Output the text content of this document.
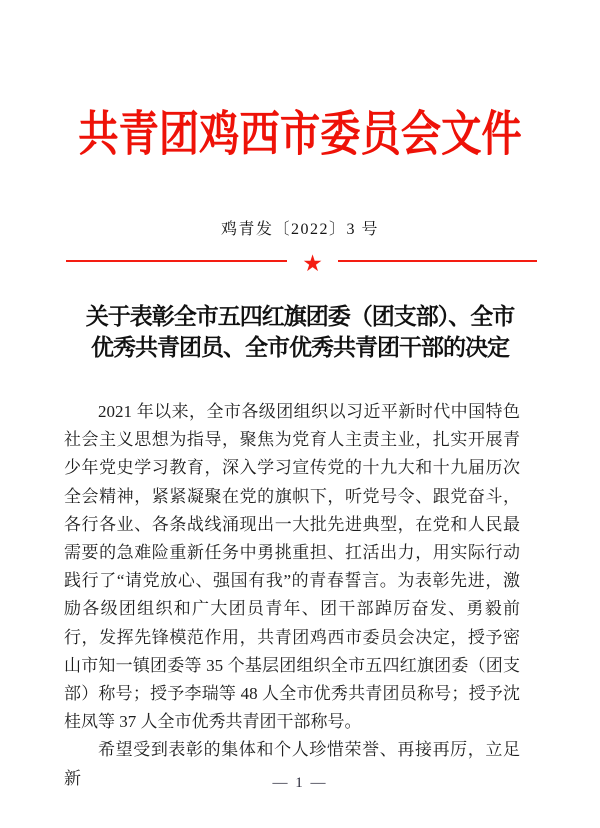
共青团鸡西市委员会文件
鸡青发〔2022〕3 号
★
关于表彰全市五四红旗团委（团支部）、全市
优秀共青团员、全市优秀共青团干部的决定

2021 年以来，全市各级团组织以习近平新时代中国特色社会主义思想为指导，聚焦为党育人主责主业，扎实开展青少年党史学习教育，深入学习宣传党的十九大和十九届历次全会精神，紧紧凝聚在党的旗帜下，听党号令、跟党奋斗，各行各业、各条战线涌现出一大批先进典型，在党和人民最需要的急难险重新任务中勇挑重担、扛活出力，用实际行动践行了“请党放心、强国有我”的青春誓言。为表彰先进，激励各级团组织和广大团员青年、团干部踔厉奋发、勇毅前行，发挥先锋模范作用，共青团鸡西市委员会决定，授予密山市知一镇团委等 35 个基层团组织全市五四红旗团委（团支部）称号；授予李瑞等 48 人全市优秀共青团员称号；授予沈桂凤等 37 人全市优秀共青团干部称号。

希望受到表彰的集体和个人珍惜荣誉、再接再厉，立足新	— 1 —
